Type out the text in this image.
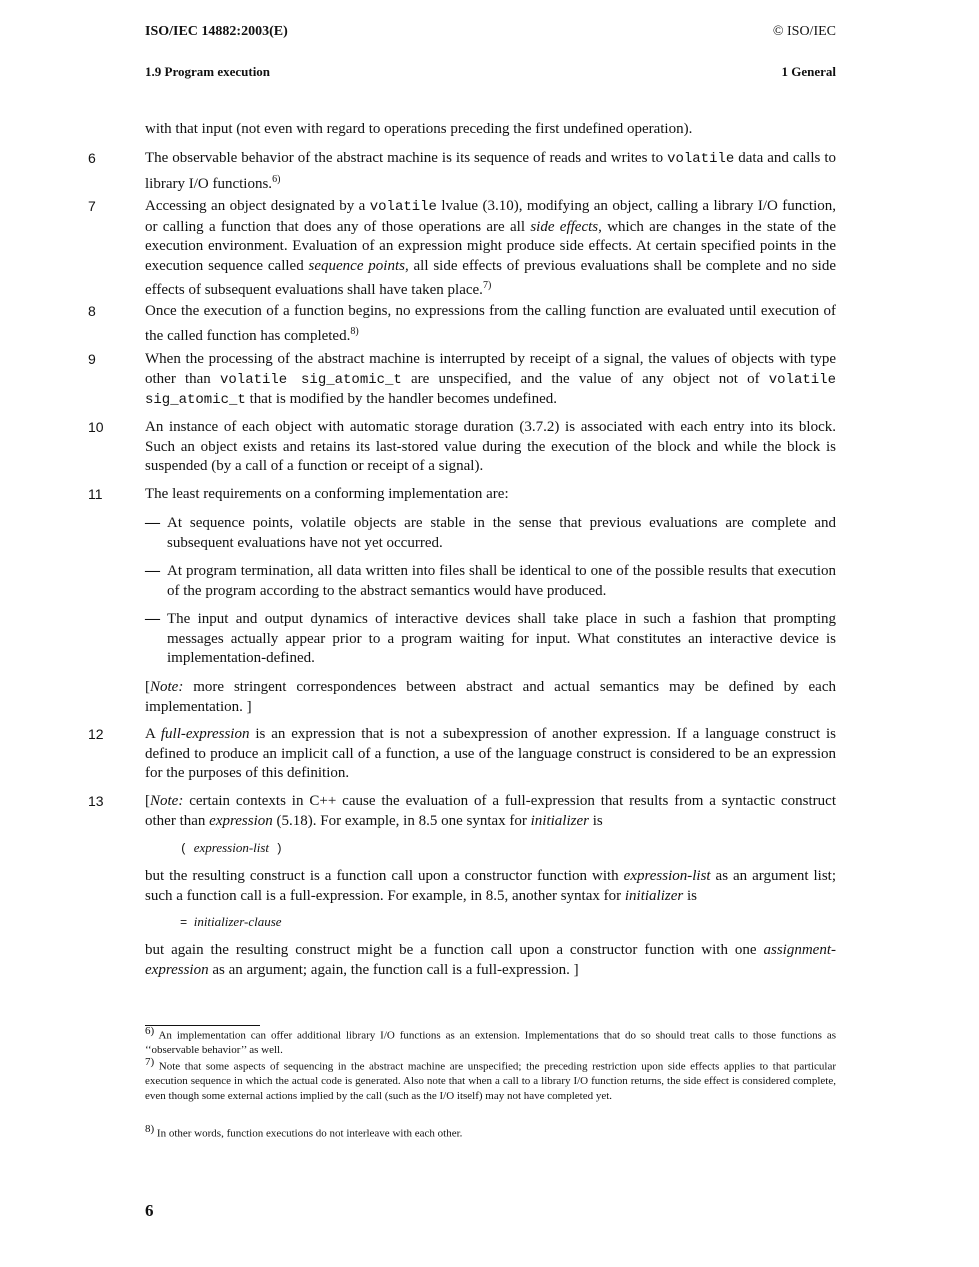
ISO/IEC 14882:2003(E)	© ISO/IEC
1.9 Program execution	1 General
with that input (not even with regard to operations preceding the first undefined operation).
6	The observable behavior of the abstract machine is its sequence of reads and writes to volatile data and calls to library I/O functions.$^{6)}$
7	Accessing an object designated by a volatile lvalue (3.10), modifying an object, calling a library I/O function, or calling a function that does any of those operations are all side effects, which are changes in the state of the execution environment. Evaluation of an expression might produce side effects. At certain specified points in the execution sequence called sequence points, all side effects of previous evaluations shall be complete and no side effects of subsequent evaluations shall have taken place.$^{7)}$
8	Once the execution of a function begins, no expressions from the calling function are evaluated until execution of the called function has completed.$^{8)}$
9	When the processing of the abstract machine is interrupted by receipt of a signal, the values of objects with type other than volatile sig_atomic_t are unspecified, and the value of any object not of volatile sig_atomic_t that is modified by the handler becomes undefined.
10	An instance of each object with automatic storage duration (3.7.2) is associated with each entry into its block. Such an object exists and retains its last-stored value during the execution of the block and while the block is suspended (by a call of a function or receipt of a signal).
11	The least requirements on a conforming implementation are:
— At sequence points, volatile objects are stable in the sense that previous evaluations are complete and subsequent evaluations have not yet occurred.
— At program termination, all data written into files shall be identical to one of the possible results that execution of the program according to the abstract semantics would have produced.
— The input and output dynamics of interactive devices shall take place in such a fashion that prompting messages actually appear prior to a program waiting for input. What constitutes an interactive device is implementation-defined.
[Note: more stringent correspondences between abstract and actual semantics may be defined by each implementation. ]
12	A full-expression is an expression that is not a subexpression of another expression. If a language construct is defined to produce an implicit call of a function, a use of the language construct is considered to be an expression for the purposes of this definition.
13	[Note: certain contexts in C++ cause the evaluation of a full-expression that results from a syntactic construct other than expression (5.18). For example, in 8.5 one syntax for initializer is
( expression-list )
but the resulting construct is a function call upon a constructor function with expression-list as an argument list; such a function call is a full-expression. For example, in 8.5, another syntax for initializer is
= initializer-clause
but again the resulting construct might be a function call upon a constructor function with one assignment-expression as an argument; again, the function call is a full-expression. ]
6) An implementation can offer additional library I/O functions as an extension. Implementations that do so should treat calls to those functions as ‘‘observable behavior’’ as well.
7) Note that some aspects of sequencing in the abstract machine are unspecified; the preceding restriction upon side effects applies to that particular execution sequence in which the actual code is generated. Also note that when a call to a library I/O function returns, the side effect is considered complete, even though some external actions implied by the call (such as the I/O itself) may not have completed yet.
8) In other words, function executions do not interleave with each other.
6
